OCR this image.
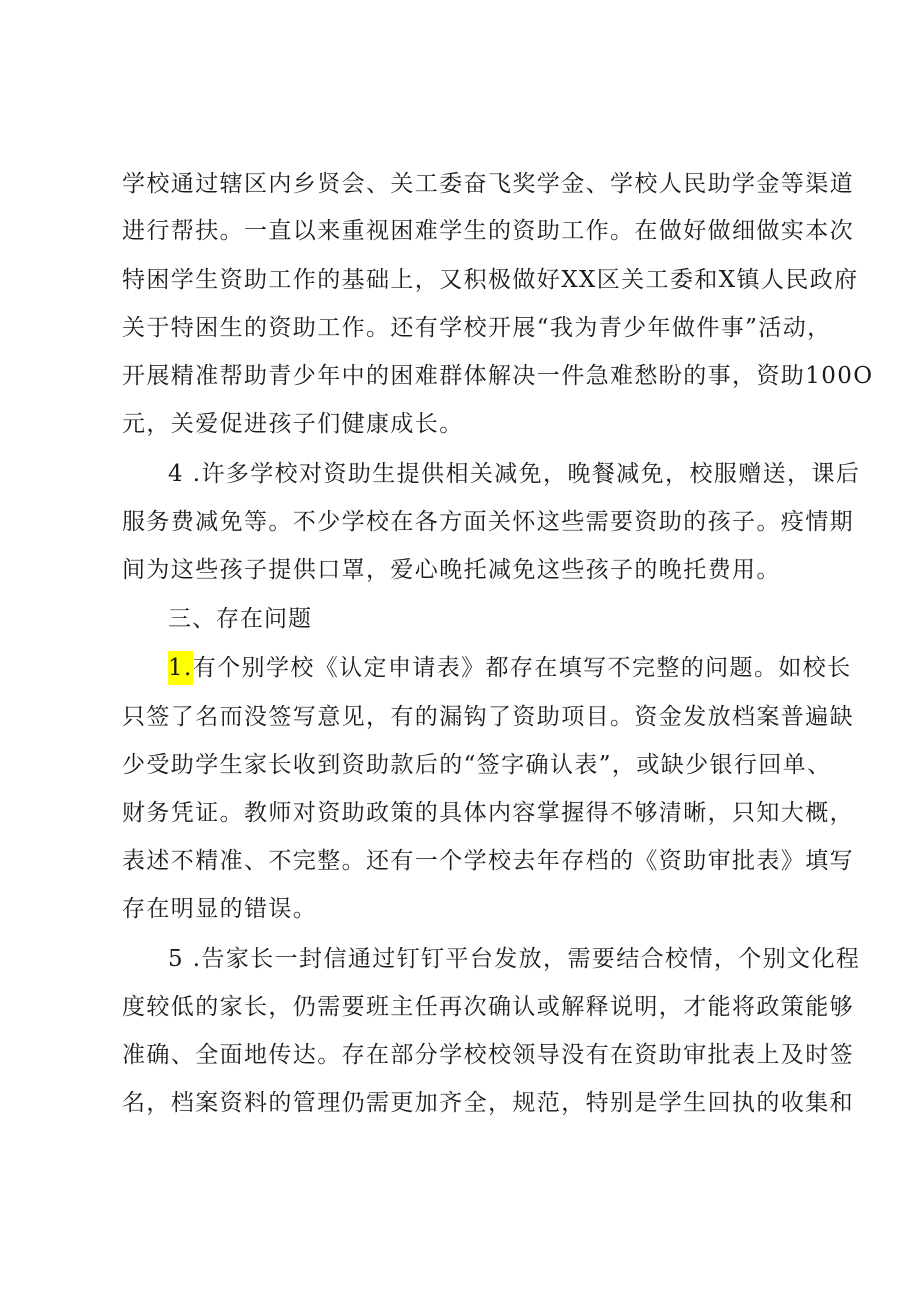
学校通过辖区内乡贤会、关工委奋飞奖学金、学校人民助学金等渠道
进行帮扶。一直以来重视困难学生的资助工作。在做好做细做实本次
特困学生资助工作的基础上，又积极做好XX区关工委和X镇人民政府
关于特困生的资助工作。还有学校开展“我为青少年做件事”活动，
开展精准帮助青少年中的困难群体解决一件急难愁盼的事，资助100O
元，关爱促进孩子们健康成长。
4 .许多学校对资助生提供相关减免，晚餐减免，校服赠送，课后
服务费减免等。不少学校在各方面关怀这些需要资助的孩子。疫情期
间为这些孩子提供口罩，爱心晚托减免这些孩子的晚托费用。
三、存在问题
1.有个别学校《认定申请表》都存在填写不完整的问题。如校长
只签了名而没签写意见，有的漏钩了资助项目。资金发放档案普遍缺
少受助学生家长收到资助款后的“签字确认表”，或缺少银行回单、
财务凭证。教师对资助政策的具体内容掌握得不够清晰，只知大概，
表述不精准、不完整。还有一个学校去年存档的《资助审批表》填写
存在明显的错误。
5 .告家长一封信通过钉钉平台发放，需要结合校情，个别文化程
度较低的家长，仍需要班主任再次确认或解释说明，才能将政策能够
准确、全面地传达。存在部分学校校领导没有在资助审批表上及时签
名，档案资料的管理仍需更加齐全，规范，特别是学生回执的收集和
